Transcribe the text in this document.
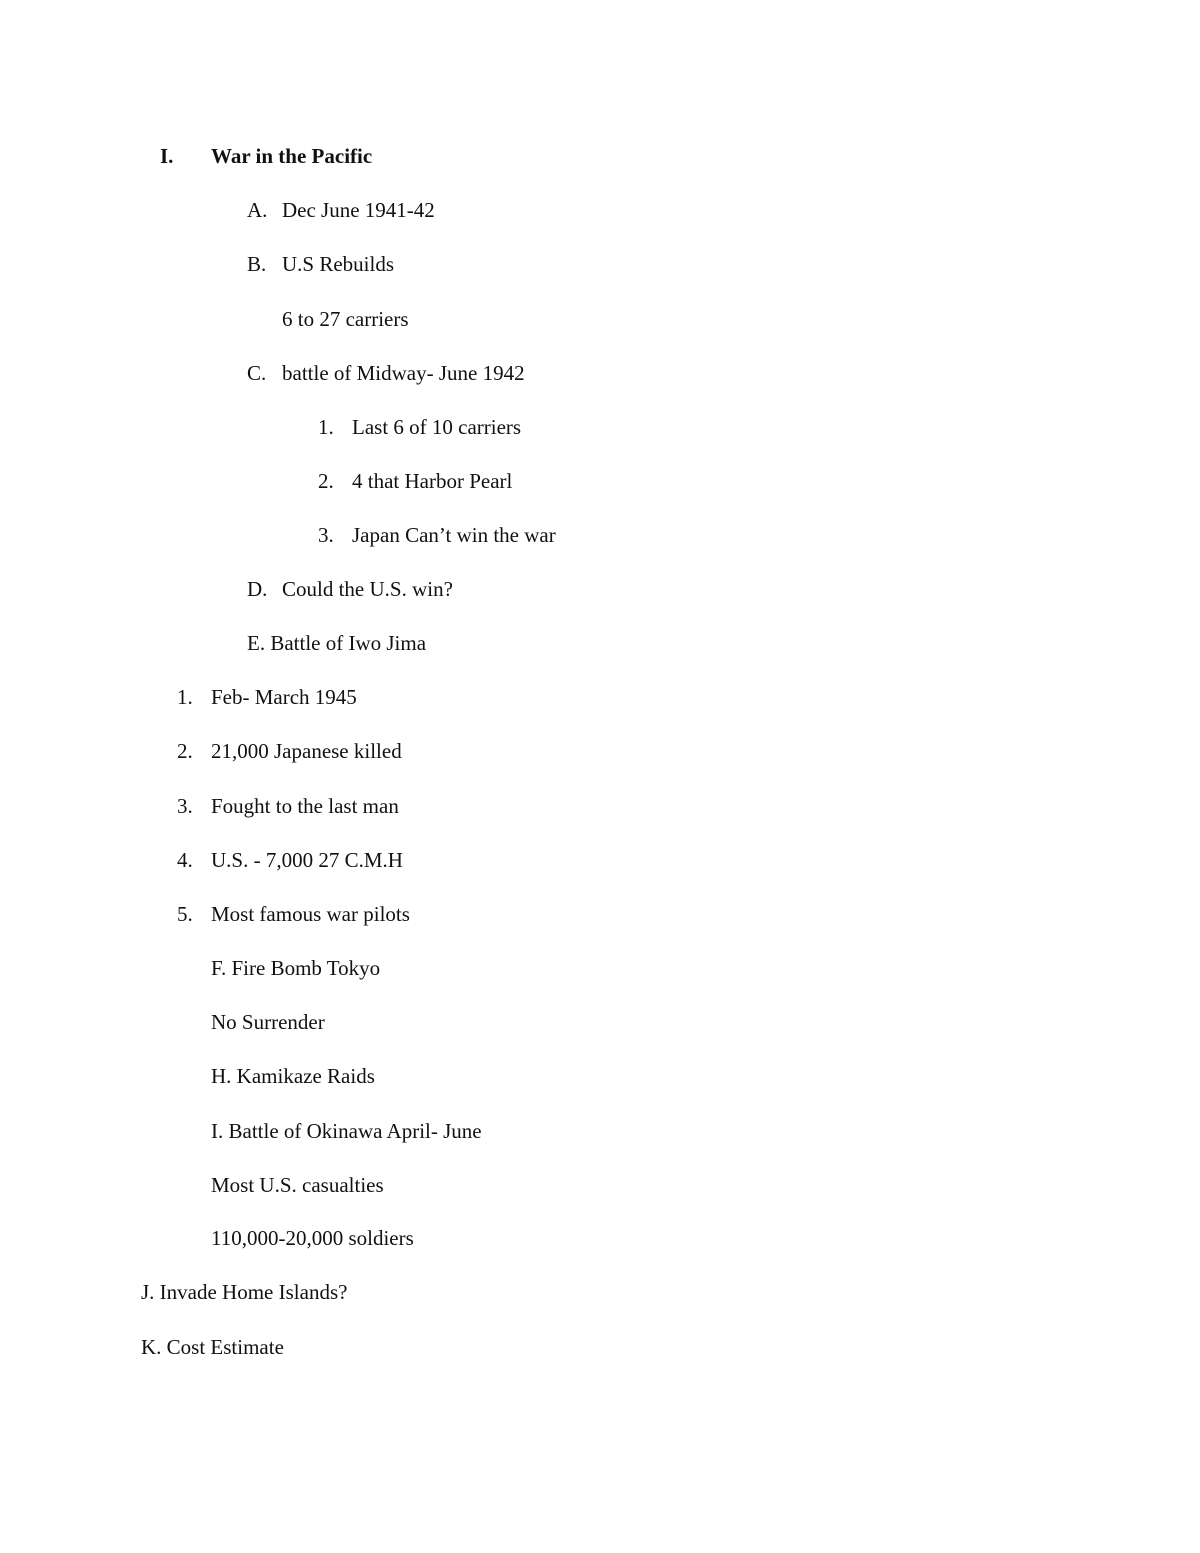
I. War in the Pacific
A. Dec June 1941-42
B. U.S Rebuilds
6 to 27 carriers
C. battle of Midway- June 1942
1. Last 6 of 10 carriers
2. 4 that Harbor Pearl
3. Japan Can’t win the war
D. Could the U.S. win?
E. Battle of Iwo Jima
1. Feb- March 1945
2. 21,000 Japanese killed
3. Fought to the last man
4. U.S. - 7,000 27 C.M.H
5. Most famous war pilots
F. Fire Bomb Tokyo
No Surrender
H. Kamikaze Raids
I. Battle of Okinawa April- June
Most U.S. casualties
110,000-20,000 soldiers
J. Invade Home Islands?
K. Cost Estimate
